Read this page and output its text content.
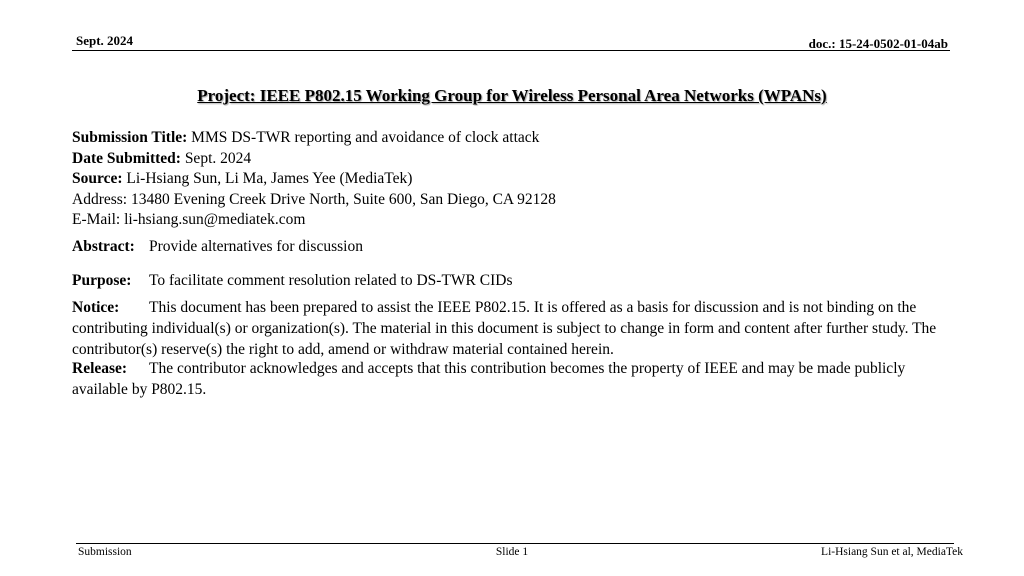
Sept. 2024	doc.: 15-24-0502-01-04ab
Project: IEEE P802.15 Working Group for Wireless Personal Area Networks (WPANs)
Submission Title: MMS DS-TWR reporting and avoidance of clock attack
Date Submitted: Sept. 2024
Source: Li-Hsiang Sun, Li Ma, James Yee (MediaTek)
Address: 13480 Evening Creek Drive North, Suite 600, San Diego, CA 92128
E-Mail: li-hsiang.sun@mediatek.com
Abstract: Provide alternatives for discussion
Purpose: To facilitate comment resolution related to DS-TWR CIDs
Notice: This document has been prepared to assist the IEEE P802.15. It is offered as a basis for discussion and is not binding on the contributing individual(s) or organization(s). The material in this document is subject to change in form and content after further study. The contributor(s) reserve(s) the right to add, amend or withdraw material contained herein.
Release: The contributor acknowledges and accepts that this contribution becomes the property of IEEE and may be made publicly available by P802.15.
Submission	Slide 1	Li-Hsiang Sun et al, MediaTek
